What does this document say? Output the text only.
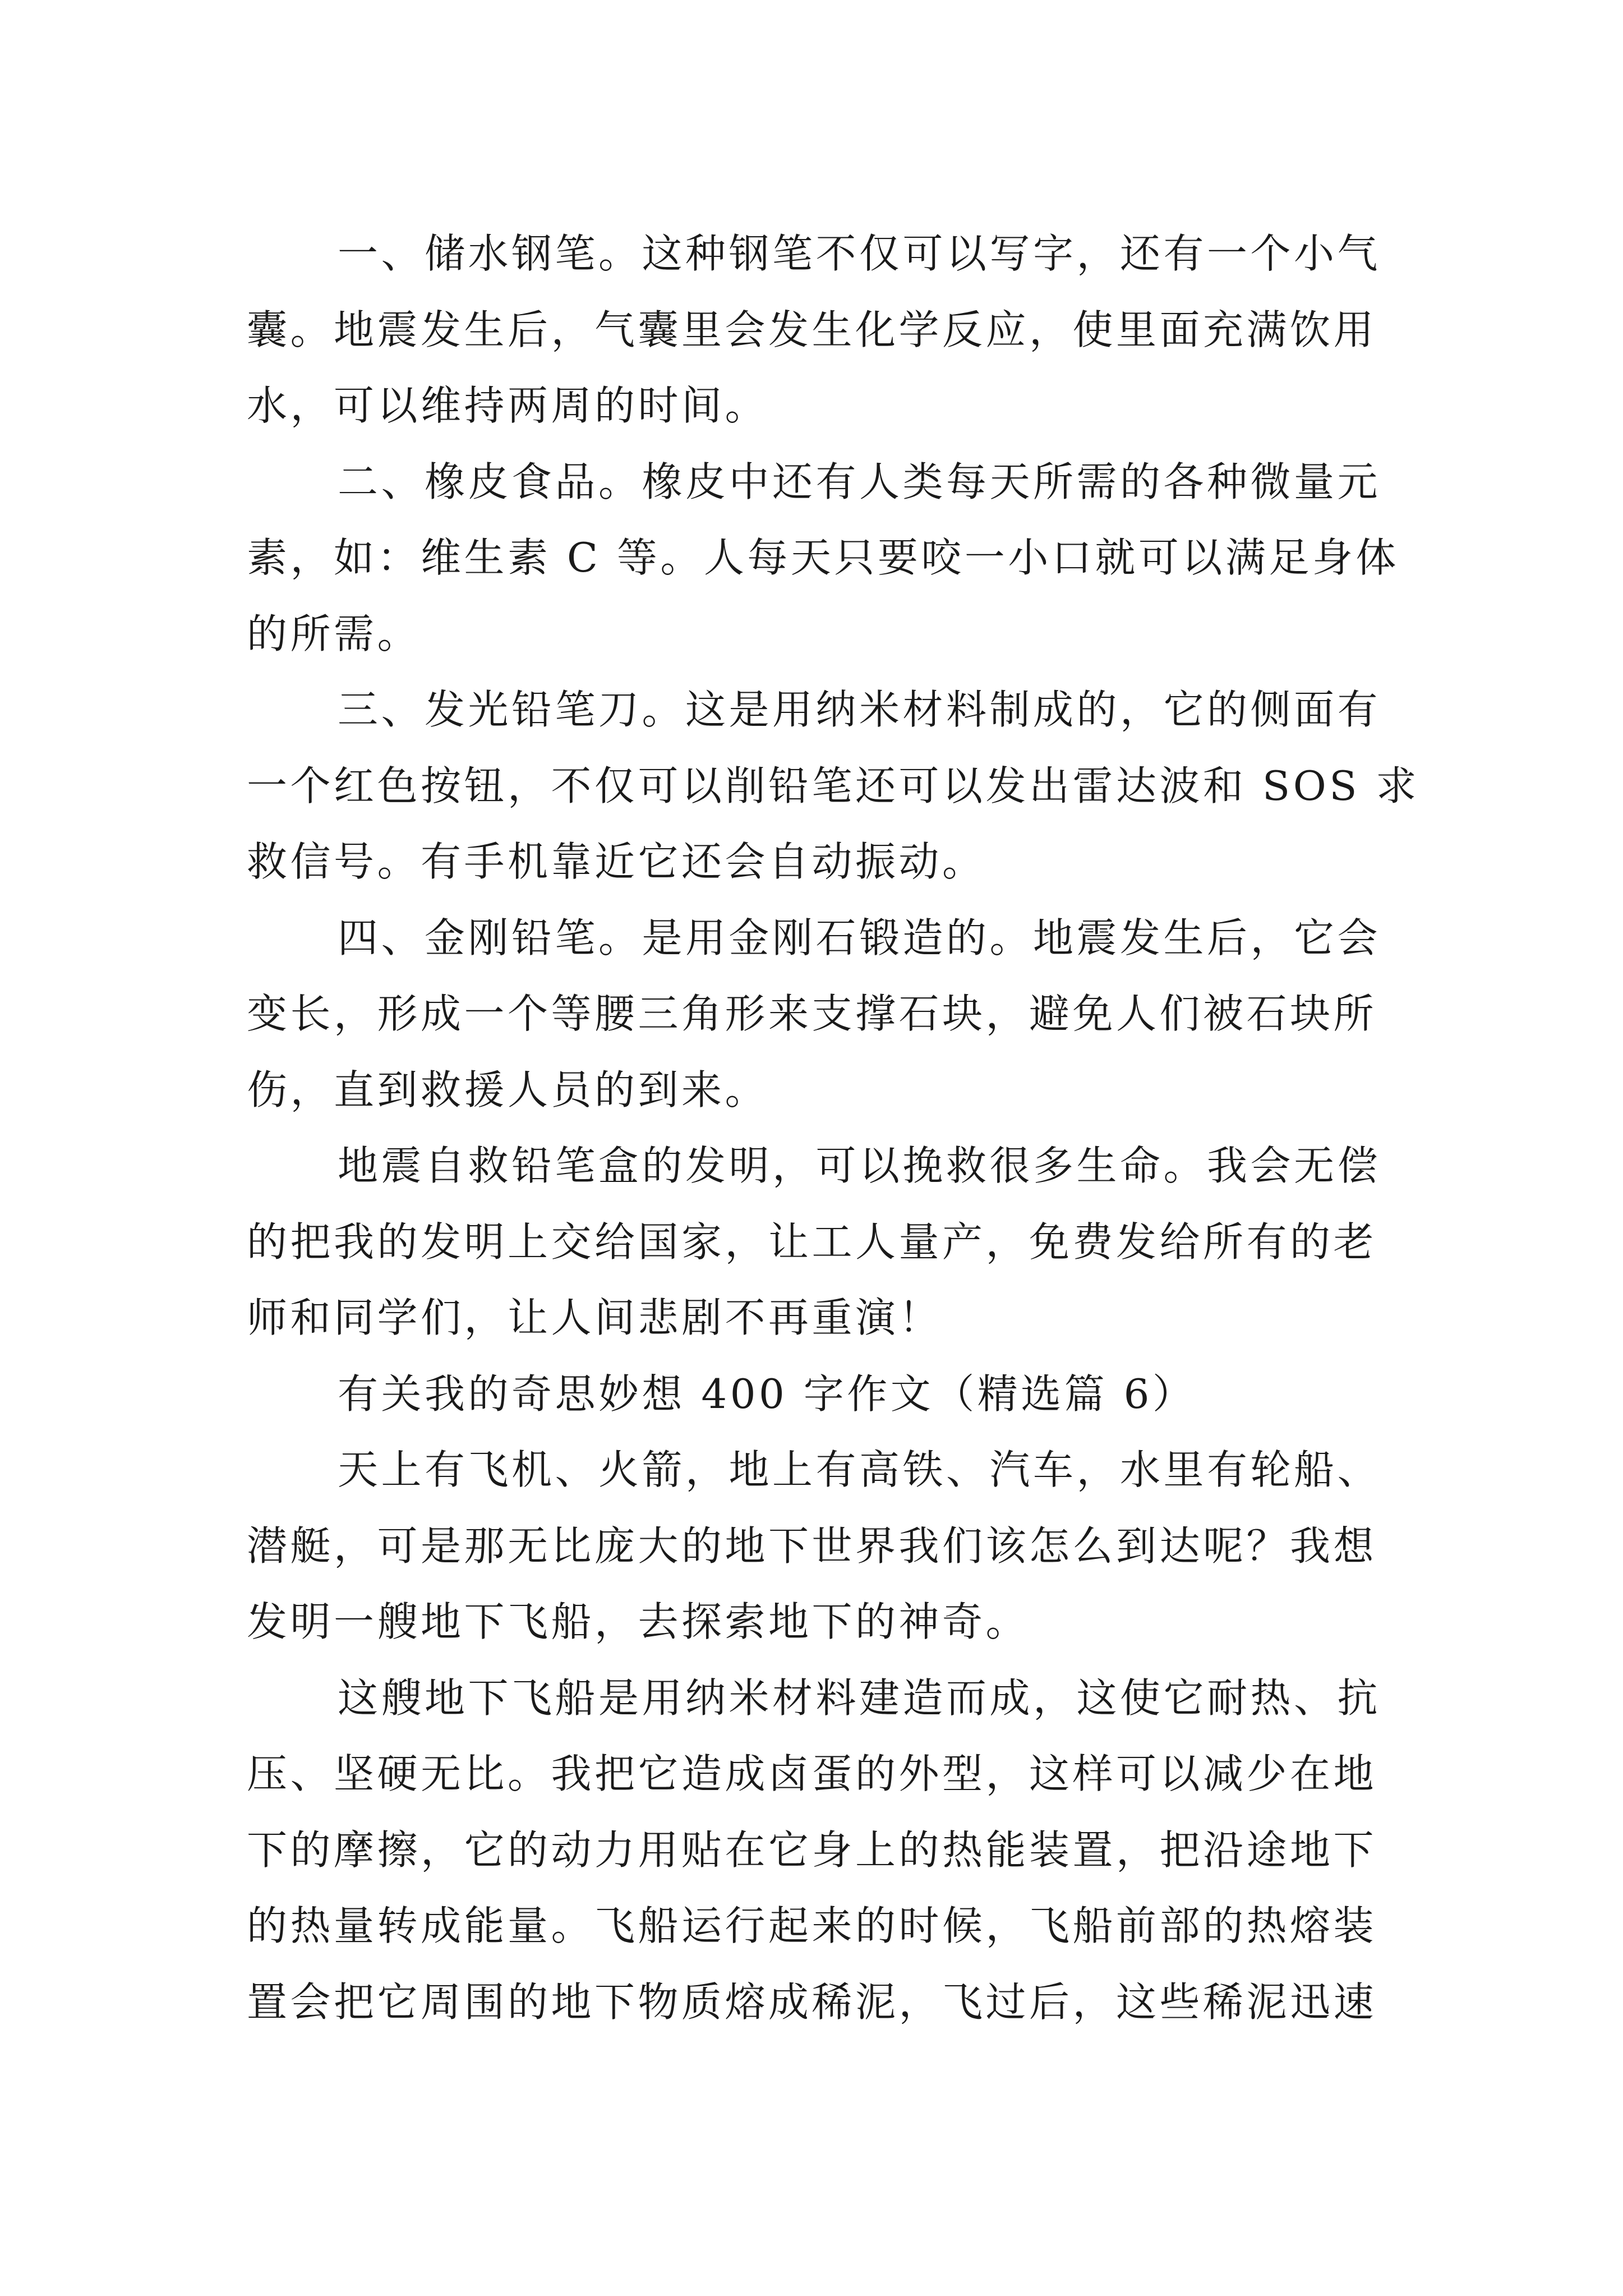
一、储水钢笔。这种钢笔不仅可以写字，还有一个小气
囊。地震发生后，气囊里会发生化学反应，使里面充满饮用
水，可以维持两周的时间。
二、橡皮食品。橡皮中还有人类每天所需的各种微量元
素，如：维生素 C 等。人每天只要咬一小口就可以满足身体
的所需。
三、发光铅笔刀。这是用纳米材料制成的，它的侧面有
一个红色按钮，不仅可以削铅笔还可以发出雷达波和 SOS 求
救信号。有手机靠近它还会自动振动。
四、金刚铅笔。是用金刚石锻造的。地震发生后，它会
变长，形成一个等腰三角形来支撑石块，避免人们被石块所
伤，直到救援人员的到来。
地震自救铅笔盒的发明，可以挽救很多生命。我会无偿
的把我的发明上交给国家，让工人量产，免费发给所有的老
师和同学们，让人间悲剧不再重演！
有关我的奇思妙想 400 字作文（精选篇 6）
天上有飞机、火箭，地上有高铁、汽车，水里有轮船、
潜艇，可是那无比庞大的地下世界我们该怎么到达呢？我想
发明一艘地下飞船，去探索地下的神奇。
这艘地下飞船是用纳米材料建造而成，这使它耐热、抗
压、坚硬无比。我把它造成卤蛋的外型，这样可以减少在地
下的摩擦，它的动力用贴在它身上的热能装置，把沿途地下
的热量转成能量。飞船运行起来的时候，飞船前部的热熔装
置会把它周围的地下物质熔成稀泥，飞过后，这些稀泥迅速
